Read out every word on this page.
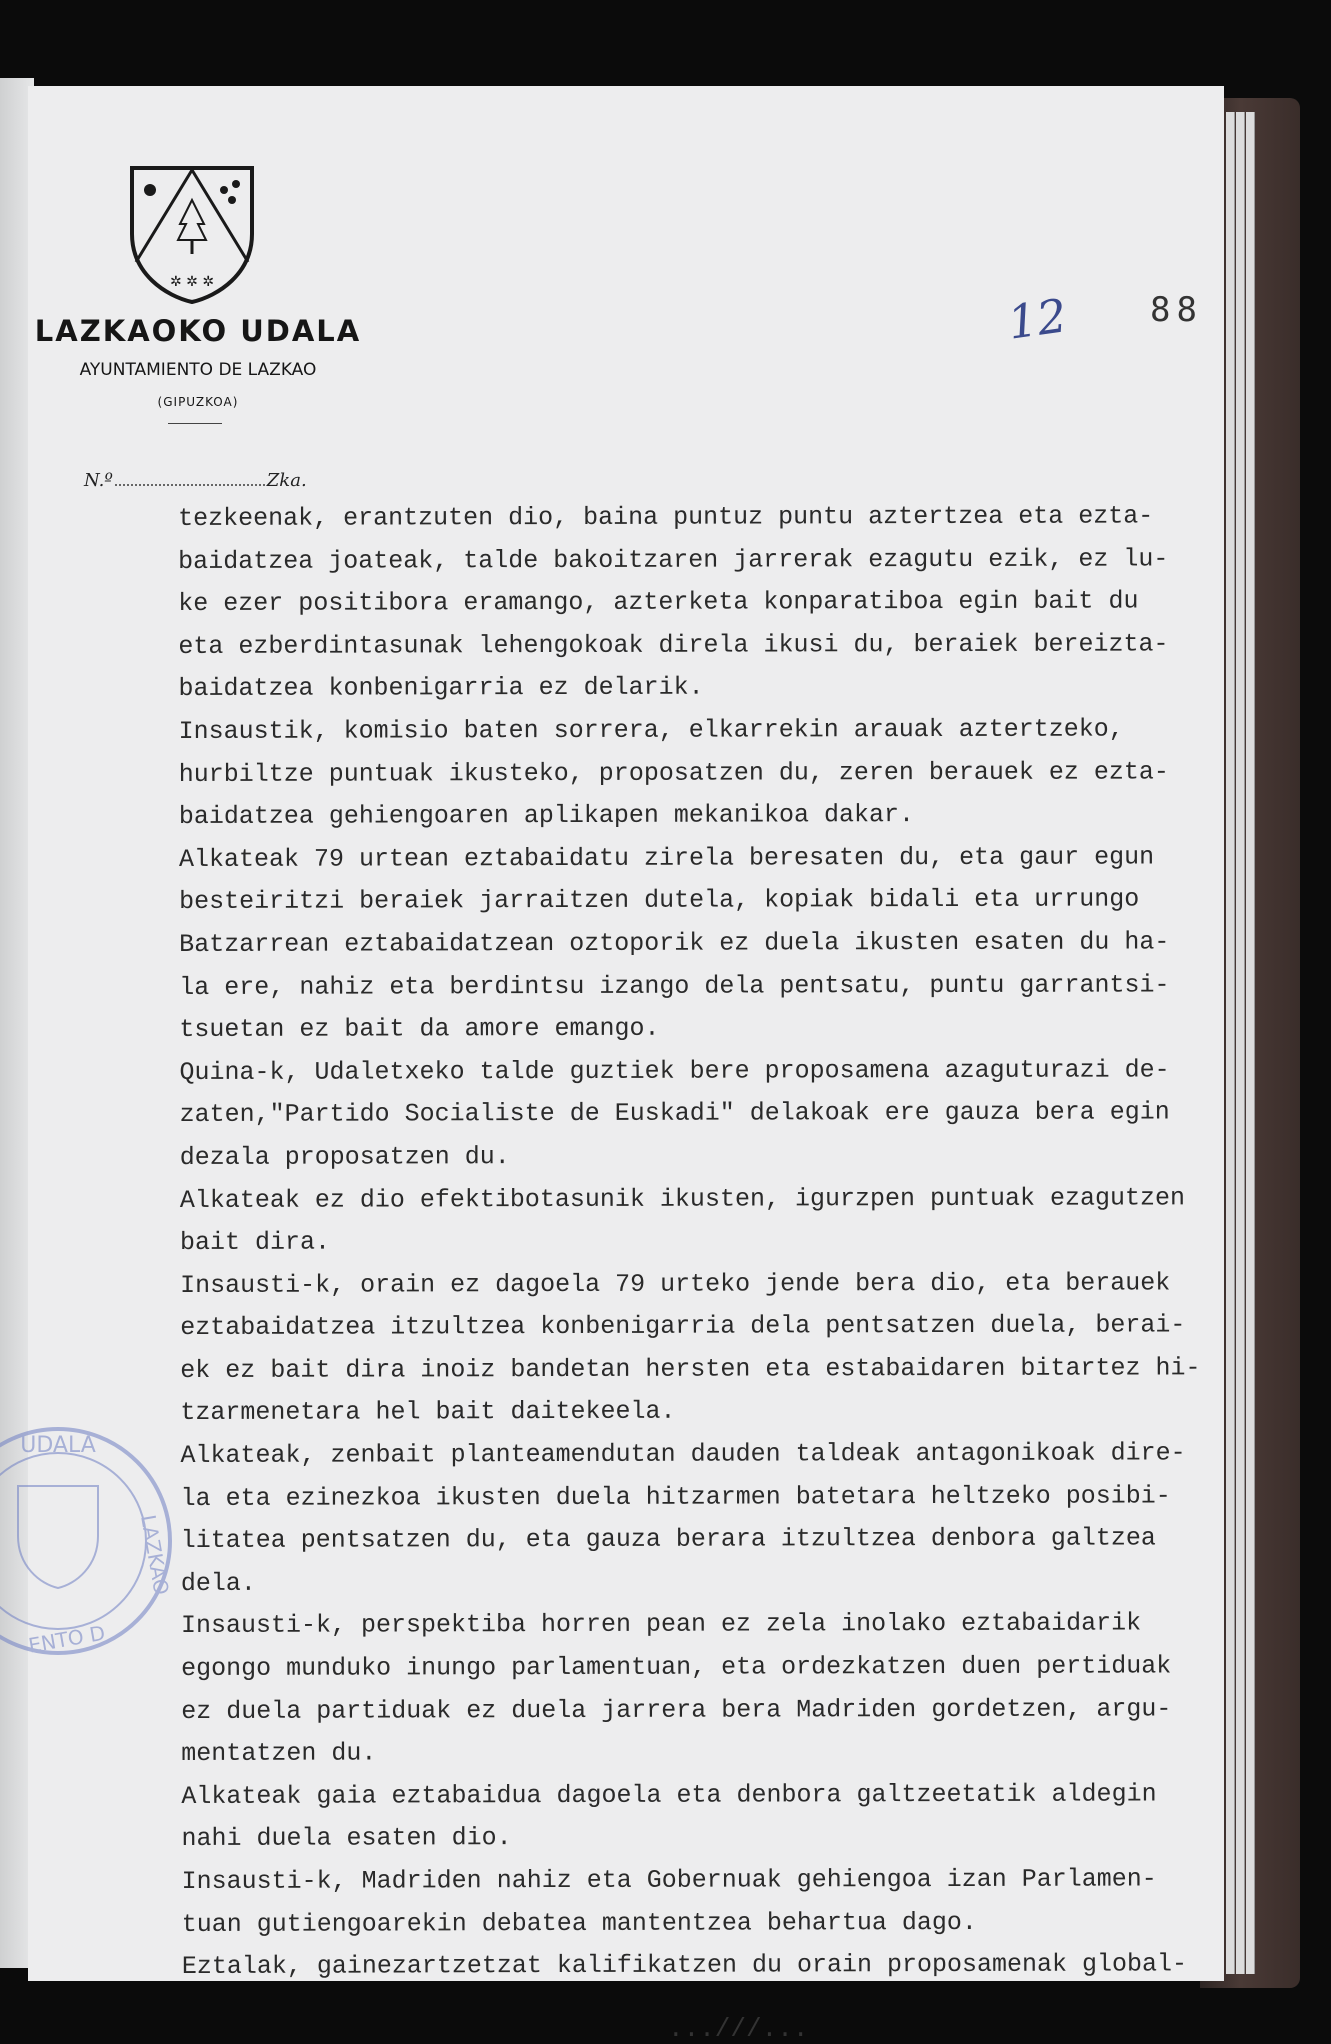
✲ ✲ ✲

LAZKAOKO UDALA

AYUNTAMIENTO DE LAZKAO

(GIPUZKOA)

N.º	Zka.
12 88
UDALA
LAZKAO
ENTO D
tezkeenak, erantzuten dio, baina puntuz puntu aztertzea eta ezta-
baidatzea joateak, talde bakoitzaren jarrerak ezagutu ezik, ez lu-
ke ezer positibora eramango, azterketa konparatiboa egin bait du
eta ezberdintasunak lehengokoak direla ikusi du, beraiek bereizta-
baidatzea konbenigarria ez delarik.
Insaustik, komisio baten sorrera, elkarrekin arauak aztertzeko,
hurbiltze puntuak ikusteko, proposatzen du, zeren berauek ez ezta-
baidatzea gehiengoaren aplikapen mekanikoa dakar.
Alkateak 79 urtean eztabaidatu zirela beresaten du, eta gaur egun
besteiritzi beraiek jarraitzen dutela, kopiak bidali eta urrungo
Batzarrean eztabaidatzean oztoporik ez duela ikusten esaten du ha-
la ere, nahiz eta berdintsu izango dela pentsatu, puntu garrantsi-
tsuetan ez bait da amore emango.
Quina-k, Udaletxeko talde guztiek bere proposamena azaguturazi de-
zaten,"Partido Socialiste de Euskadi" delakoak ere gauza bera egin
dezala proposatzen du.
Alkateak ez dio efektibotasunik ikusten, igurzpen puntuak ezagutzen
bait dira.
Insausti-k, orain ez dagoela 79 urteko jende bera dio, eta berauek
eztabaidatzea itzultzea konbenigarria dela pentsatzen duela, berai-
ek ez bait dira inoiz bandetan hersten eta estabaidaren bitartez hi-
tzarmenetara hel bait daitekeela.
Alkateak, zenbait planteamendutan dauden taldeak antagonikoak dire-
la eta ezinezkoa ikusten duela hitzarmen batetara heltzeko posibi-
litatea pentsatzen du, eta gauza berara itzultzea denbora galtzea
dela.
Insausti-k, perspektiba horren pean ez zela inolako eztabaidarik
egongo munduko inungo parlamentuan, eta ordezkatzen duen pertiduak
ez duela partiduak ez duela jarrera bera Madriden gordetzen, argu-
mentatzen du.
Alkateak gaia eztabaidua dagoela eta denbora galtzeetatik aldegin
nahi duela esaten dio.
Insausti-k, Madriden nahiz eta Gobernuak gehiengoa izan Parlamen-
tuan gutiengoarekin debatea mantentzea behartua dago.
Eztalak, gainezartzetzat kalifikatzen du orain proposamenak global-
...///...
